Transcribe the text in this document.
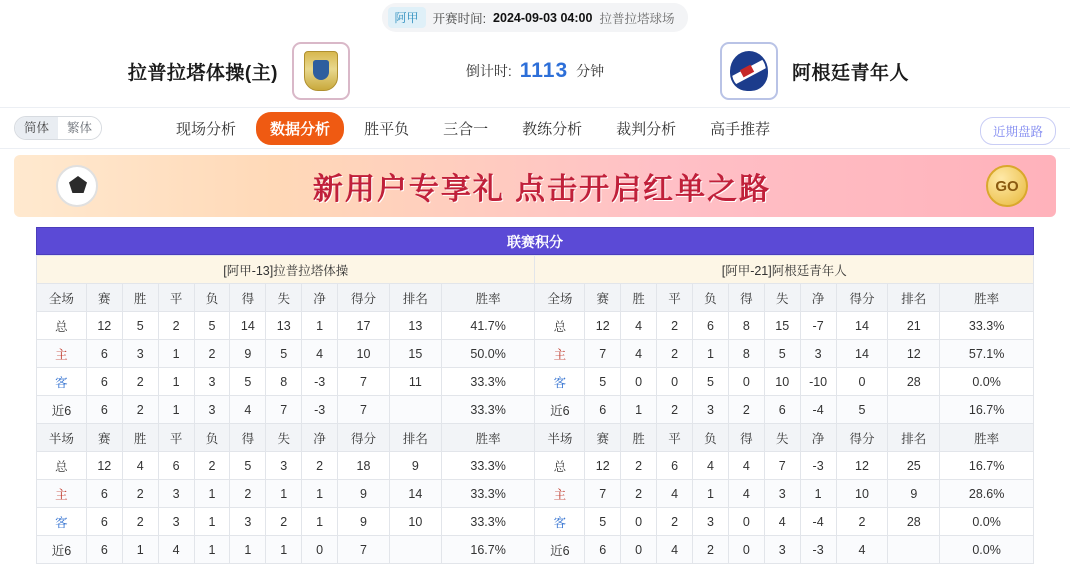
阿甲	开赛时间: 2024-09-03 04:00 拉普拉塔球场
拉普拉塔体操(主)	倒计时: 1113 分钟	阿根廷青年人
简体	繁体	现场分析	数据分析	胜平负	三合一	教练分析	裁判分析	高手推荐	近期盘路
新用户专享礼 点击开启红单之路	GO
联赛积分
[阿甲-13]拉普拉塔体操											[阿甲-21]阿根廷青年人										
全场	赛	胜	平	负	得	失	净	得分	排名	胜率	全场	赛	胜	平	负	得	失	净	得分	排名	胜率
总	12	5	2	5	14	13	1	17	13	41.7%	总	12	4	2	6	8	15	-7	14	21	33.3%
主	6	3	1	2	9	5	4	10	15	50.0%	主	7	4	2	1	8	5	3	14	12	57.1%
客	6	2	1	3	5	8	-3	7	11	33.3%	客	5	0	0	5	0	10	-10	0	28	0.0%
近6	6	2	1	3	4	7	-3	7		33.3%	近6	6	1	2	3	2	6	-4	5		16.7%
半场	赛	胜	平	负	得	失	净	得分	排名	胜率	半场	赛	胜	平	负	得	失	净	得分	排名	胜率
总	12	4	6	2	5	3	2	18	9	33.3%	总	12	2	6	4	4	7	-3	12	25	16.7%
主	6	2	3	1	2	1	1	9	14	33.3%	主	7	2	4	1	4	3	1	10	9	28.6%
客	6	2	3	1	3	2	1	9	10	33.3%	客	5	0	2	3	0	4	-4	2	28	0.0%
近6	6	1	4	1	1	1	0	7		16.7%	近6	6	0	4	2	0	3	-3	4		0.0%
